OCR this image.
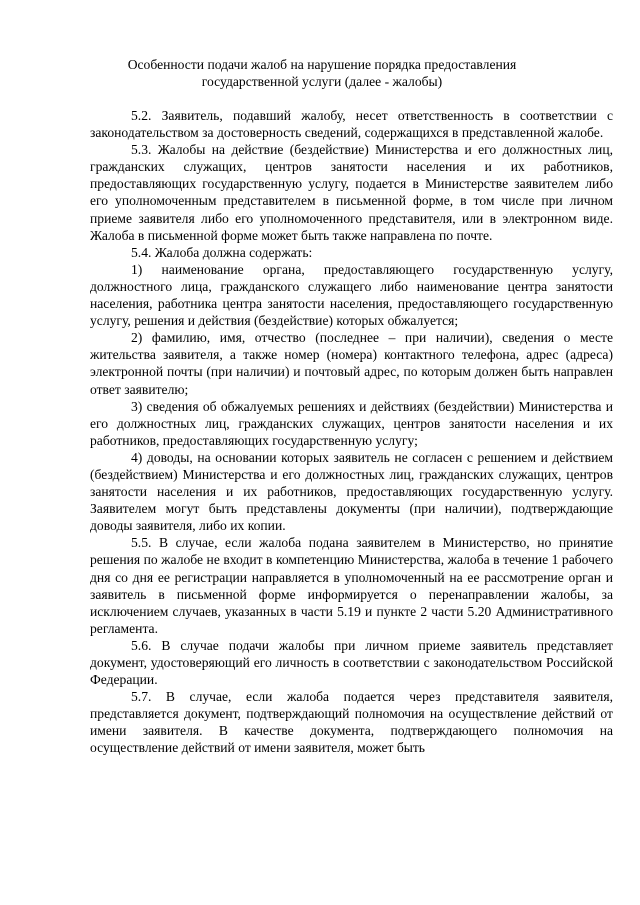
Особенности подачи жалоб на нарушение порядка предоставления
государственной услуги (далее - жалобы)

5.2. Заявитель, подавший жалобу, несет ответственность в соответствии с законодательством за достоверность сведений, содержащихся в представленной жалобе.

5.3. Жалобы на действие (бездействие) Министерства и его должностных лиц, гражданских служащих, центров занятости населения и их работников, предоставляющих государственную услугу, подается в Министерстве заявителем либо его уполномоченным представителем в письменной форме, в том числе при личном приеме заявителя либо его уполномоченного представителя, или в электронном виде. Жалоба в письменной форме может быть также направлена по почте.

5.4. Жалоба должна содержать:

1) наименование органа, предоставляющего государственную услугу, должностного лица, гражданского служащего либо наименование центра занятости населения, работника центра занятости населения, предоставляющего государственную услугу, решения и действия (бездействие) которых обжалуется;

2) фамилию, имя, отчество (последнее – при наличии), сведения о месте жительства заявителя, а также номер (номера) контактного телефона, адрес (адреса) электронной почты (при наличии) и почтовый адрес, по которым должен быть направлен ответ заявителю;

3) сведения об обжалуемых решениях и действиях (бездействии) Министерства и его должностных лиц, гражданских служащих, центров занятости населения и их работников, предоставляющих государственную услугу;

4) доводы, на основании которых заявитель не согласен с решением и действием (бездействием) Министерства и его должностных лиц, гражданских служащих, центров занятости населения и их работников, предоставляющих государственную услугу. Заявителем могут быть представлены документы (при наличии), подтверждающие доводы заявителя, либо их копии.

5.5. В случае, если жалоба подана заявителем в Министерство, но принятие решения по жалобе не входит в компетенцию Министерства, жалоба в течение 1 рабочего дня со дня ее регистрации направляется в уполномоченный на ее рассмотрение орган и заявитель в письменной форме информируется о перенаправлении жалобы, за исключением случаев, указанных в части 5.19 и пункте 2 части 5.20 Административного регламента.

5.6. В случае подачи жалобы при личном приеме заявитель представляет документ, удостоверяющий его личность в соответствии с законодательством Российской Федерации.

5.7. В случае, если жалоба подается через представителя заявителя, представляется документ, подтверждающий полномочия на осуществление действий от имени заявителя. В качестве документа, подтверждающего полномочия на осуществление действий от имени заявителя, может быть
